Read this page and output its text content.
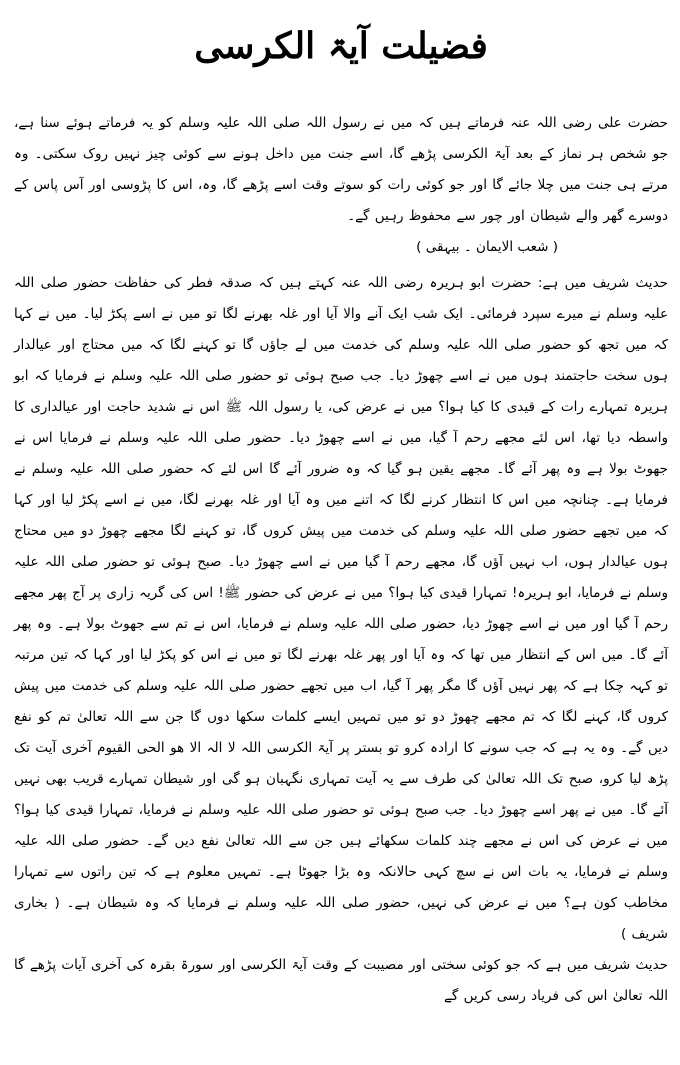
فضیلت آیۃ الکرسی

حضرت علی رضی اللہ عنہ فرماتے ہیں کہ میں نے رسول اللہ صلی اللہ علیہ وسلم کو یہ فرماتے ہوئے سنا ہے، جو شخص ہر نماز کے بعد آیۃ الکرسی پڑھے گا، اسے جنت میں داخل ہونے سے کوئی چیز نہیں روک سکتی۔ وہ مرتے ہی جنت میں چلا جائے گا اور جو کوئی رات کو سوتے وقت اسے پڑھے گا، وہ، اس کا پڑوسی اور آس پاس کے دوسرے گھر والے شیطان اور چور سے محفوظ رہیں گے۔

( شعب الایمان ۔ بیہقی )

حدیث شریف میں ہے: حضرت ابو ہریرہ رضی اللہ عنہ کہتے ہیں کہ صدقہ فطر کی حفاظت حضور صلی اللہ علیہ وسلم نے میرے سپرد فرمائی۔ ایک شب ایک آنے والا آیا اور غلہ بھرنے لگا تو میں نے اسے پکڑ لیا۔ میں نے کہا کہ میں تجھ کو حضور صلی اللہ علیہ وسلم کی خدمت میں لے جاؤں گا تو کہنے لگا کہ میں محتاج اور عیالدار ہوں سخت حاجتمند ہوں میں نے اسے چھوڑ دیا۔ جب صبح ہوئی تو حضور صلی اللہ علیہ وسلم نے فرمایا کہ ابو ہریرہ تمہارے رات کے قیدی کا کیا ہوا؟ میں نے عرض کی، یا رسول اللہ ﷺ اس نے شدید حاجت اور عیالداری کا واسطہ دیا تھا، اس لئے مجھے رحم آ گیا، میں نے اسے چھوڑ دیا۔ حضور صلی اللہ علیہ وسلم نے فرمایا اس نے جھوٹ بولا ہے وہ پھر آئے گا۔ مجھے یقین ہو گیا کہ وہ ضرور آئے گا اس لئے کہ حضور صلی اللہ علیہ وسلم نے فرمایا ہے۔ چنانچہ میں اس کا انتظار کرنے لگا کہ اتنے میں وہ آیا اور غلہ بھرنے لگا، میں نے اسے پکڑ لیا اور کہا کہ میں تجھے حضور صلی اللہ علیہ وسلم کی خدمت میں پیش کروں گا، تو کہنے لگا مجھے چھوڑ دو میں محتاج ہوں عیالدار ہوں، اب نہیں آؤں گا، مجھے رحم آ گیا میں نے اسے چھوڑ دیا۔ صبح ہوئی تو حضور صلی اللہ علیہ وسلم نے فرمایا، ابو ہریرہ! تمہارا قیدی کیا ہوا؟ میں نے عرض کی حضور ﷺ! اس کی گریہ زاری پر آج پھر مجھے رحم آ گیا اور میں نے اسے چھوڑ دیا، حضور صلی اللہ علیہ وسلم نے فرمایا، اس نے تم سے جھوٹ بولا ہے۔ وہ پھر آئے گا۔ میں اس کے انتظار میں تھا کہ وہ آیا اور پھر غلہ بھرنے لگا تو میں نے اس کو پکڑ لیا اور کہا کہ تین مرتبہ تو کہہ چکا ہے کہ پھر نہیں آؤں گا مگر پھر آ گیا، اب میں تجھے حضور صلی اللہ علیہ وسلم کی خدمت میں پیش کروں گا، کہنے لگا کہ تم مجھے چھوڑ دو تو میں تمہیں ایسے کلمات سکھا دوں گا جن سے اللہ تعالیٰ تم کو نفع دیں گے۔ وہ یہ ہے کہ جب سونے کا ارادہ کرو تو بستر پر آیۃ الکرسی اللہ لا الہ الا ھو الحی القیوم آخری آیت تک پڑھ لیا کرو، صبح تک اللہ تعالیٰ کی طرف سے یہ آیت تمہاری نگہبان ہو گی اور شیطان تمہارے قریب بھی نہیں آئے گا۔ میں نے پھر اسے چھوڑ دیا۔ جب صبح ہوئی تو حضور صلی اللہ علیہ وسلم نے فرمایا، تمہارا قیدی کیا ہوا؟ میں نے عرض کی اس نے مجھے چند کلمات سکھائے ہیں جن سے اللہ تعالیٰ نفع دیں گے۔ حضور صلی اللہ علیہ وسلم نے فرمایا، یہ بات اس نے سچ کہی حالانکہ وہ بڑا جھوٹا ہے۔ تمہیں معلوم ہے کہ تین راتوں سے تمہارا مخاطب کون ہے؟ میں نے عرض کی نہیں، حضور صلی اللہ علیہ وسلم نے فرمایا کہ وہ شیطان ہے۔ ( بخاری شریف )

حدیث شریف میں ہے کہ جو کوئی سختی اور مصیبت کے وقت آیۃ الکرسی اور سورۃ بقرہ کی آخری آیات پڑھے گا اللہ تعالیٰ اس کی فریاد رسی کریں گے
